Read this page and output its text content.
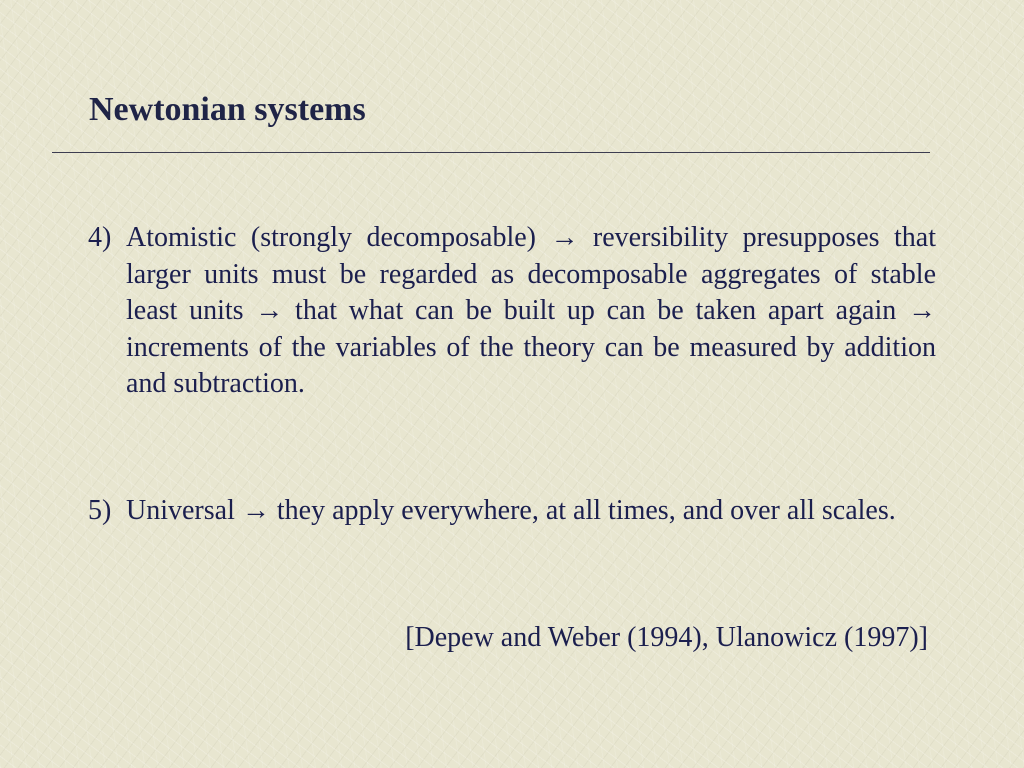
Newtonian systems
4) Atomistic (strongly decomposable) → reversibility presupposes that larger units must be regarded as decomposable aggregates of stable least units → that what can be built up can be taken apart again → increments of the variables of the theory can be measured by addition and subtraction.
5) Universal → they apply everywhere, at all times, and over all scales.
[Depew and Weber (1994), Ulanowicz (1997)]
